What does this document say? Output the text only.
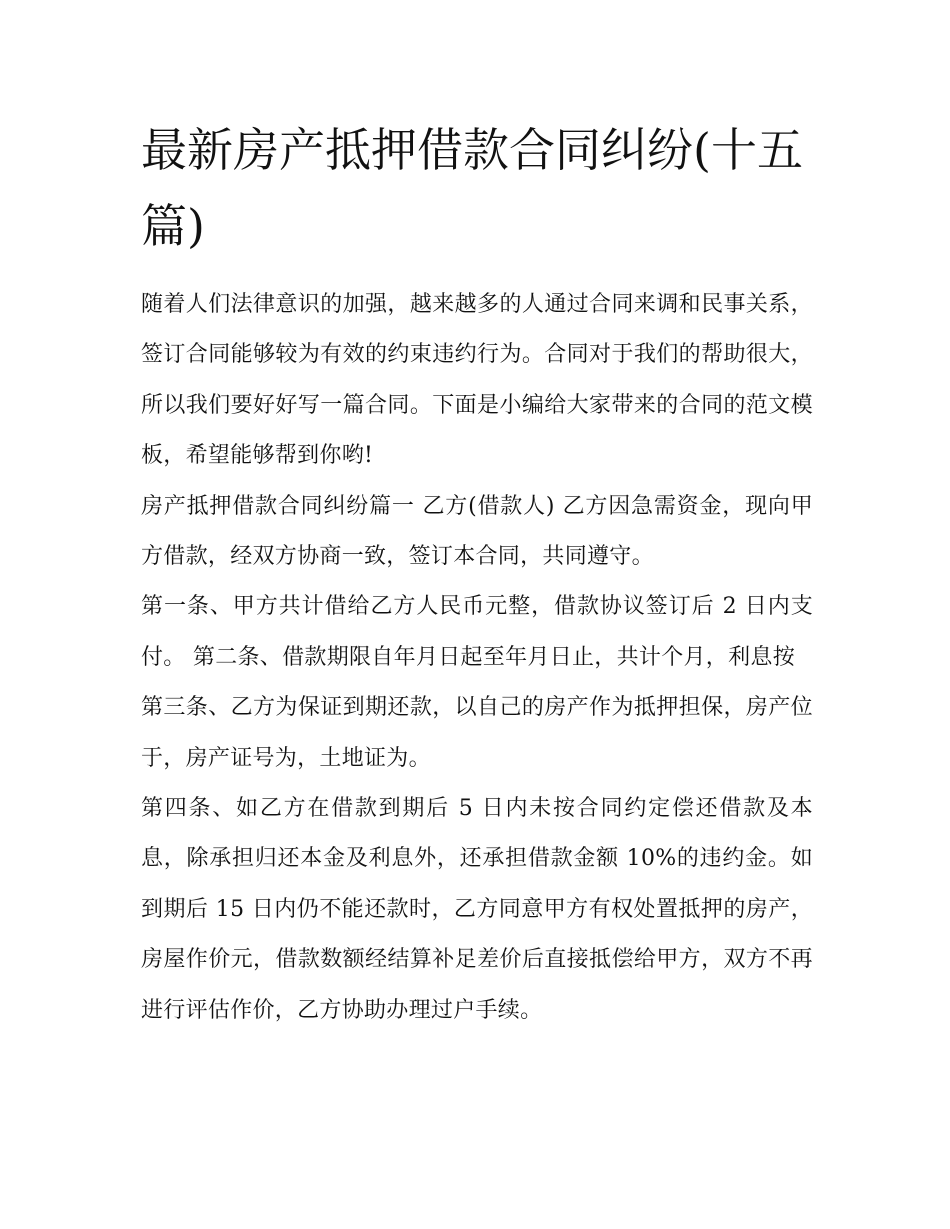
最新房产抵押借款合同纠纷(十五篇)

随着人们法律意识的加强，越来越多的人通过合同来调和民事关系，签订合同能够较为有效的约束违约行为。合同对于我们的帮助很大，所以我们要好好写一篇合同。下面是小编给大家带来的合同的范文模板，希望能够帮到你哟!

房产抵押借款合同纠纷篇一 乙方(借款人) 乙方因急需资金，现向甲方借款，经双方协商一致，签订本合同，共同遵守。

第一条、甲方共计借给乙方人民币元整，借款协议签订后 2 日内支付。 第二条、借款期限自年月日起至年月日止，共计个月，利息按

第三条、乙方为保证到期还款，以自己的房产作为抵押担保，房产位于，房产证号为，土地证为。

第四条、如乙方在借款到期后 5 日内未按合同约定偿还借款及本息，除承担归还本金及利息外，还承担借款金额 10%的违约金。如到期后 15 日内仍不能还款时，乙方同意甲方有权处置抵押的房产，房屋作价元，借款数额经结算补足差价后直接抵偿给甲方，双方不再进行评估作价，乙方协助办理过户手续。
